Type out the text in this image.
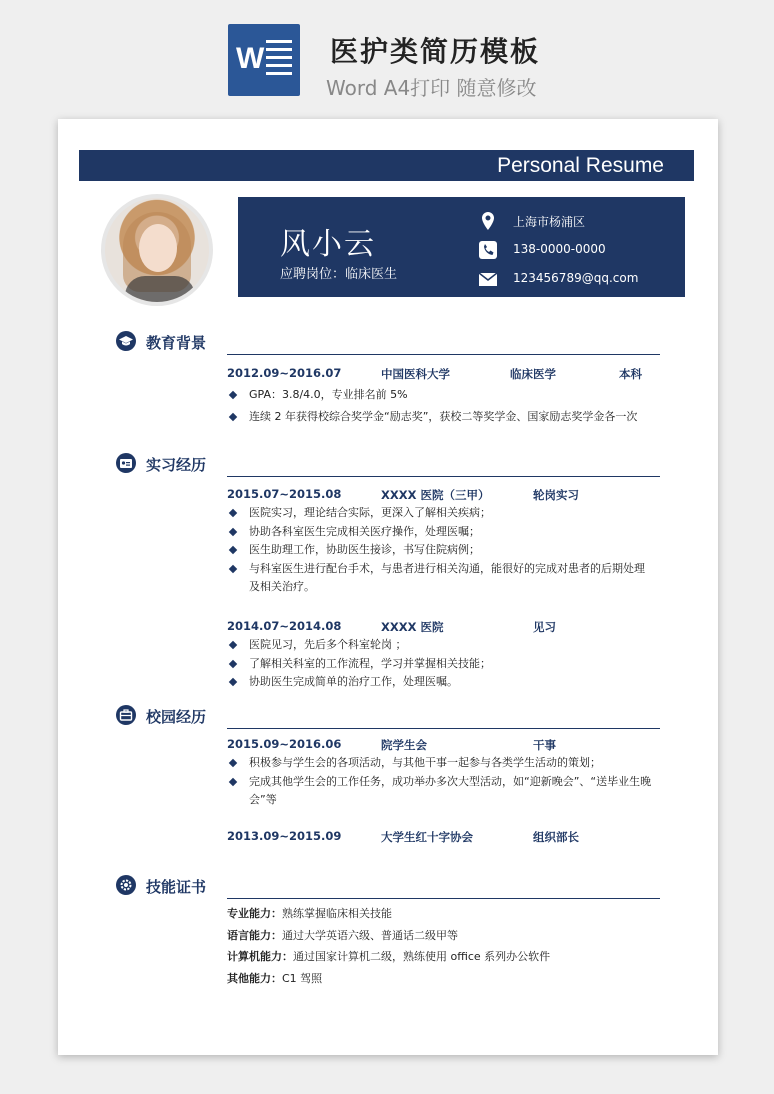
W 医护类简历模板
Word A4打印 随意修改
Personal Resume
风小云
应聘岗位：临床医生
上海市杨浦区
138-0000-0000
123456789@qq.com
教育背景
2012.09~2016.07	中国医科大学	临床医学	本科
GPA：3.8/4.0，专业排名前 5%
连续 2 年获得校综合奖学金“励志奖”，获校二等奖学金、国家励志奖学金各一次
实习经历
2015.07~2015.08	XXXX 医院（三甲）	轮岗实习
医院实习，理论结合实际，更深入了解相关疾病；
协助各科室医生完成相关医疗操作，处理医嘱；
医生助理工作，协助医生接诊，书写住院病例；
与科室医生进行配台手术，与患者进行相关沟通，能很好的完成对患者的后期处理及相关治疗。
2014.07~2014.08	XXXX 医院	见习
医院见习，先后多个科室轮岗 ；
了解相关科室的工作流程，学习并掌握相关技能；
协助医生完成简单的治疗工作，处理医嘱。
校园经历
2015.09~2016.06	院学生会	干事
积极参与学生会的各项活动，与其他干事一起参与各类学生活动的策划；
完成其他学生会的工作任务，成功举办多次大型活动，如“迎新晚会”、“送毕业生晚会”等
2013.09~2015.09	大学生红十字协会	组织部长
技能证书
专业能力：熟练掌握临床相关技能
语言能力：通过大学英语六级、普通话二级甲等
计算机能力：通过国家计算机二级，熟练使用 office 系列办公软件
其他能力：C1 驾照
